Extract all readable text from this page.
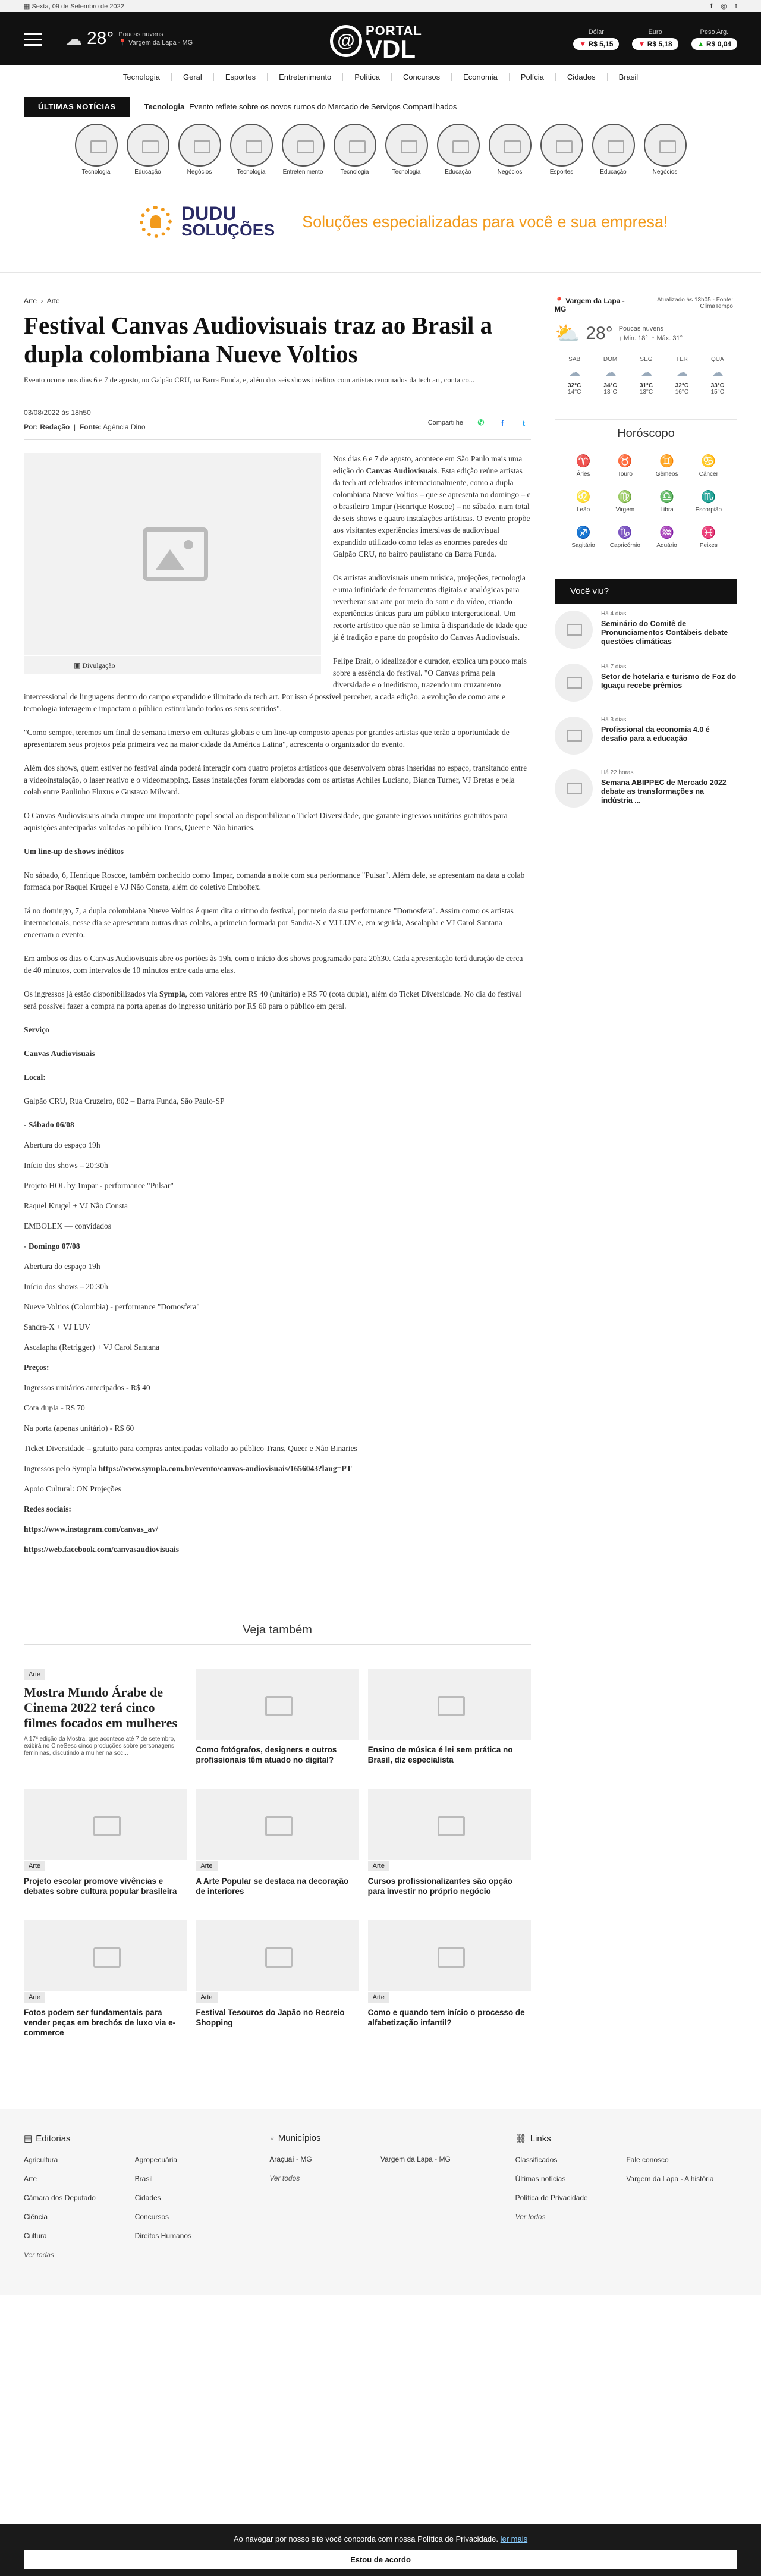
▦ Sexta, 09 de Setembro de 2022	f ◎ t
☁ 28° Poucas nuvens
📍 Vargem da Lapa - MG	@
PORTAL
VDL
Dólar
▼ R$ 5,15
Euro
▼ R$ 5,18
Peso Arg.
▲ R$ 0,04
Tecnologia	Geral	Esportes	Entretenimento	Política	Concursos	Economia	Polícia	Cidades	Brasil
ÚLTIMAS NOTÍCIAS	Tecnologia Evento reflete sobre os novos rumos do Mercado de Serviços Compartilhados
Tecnologia	Educação	Negócios	Tecnologia	Entretenimento	Tecnologia	Tecnologia	Educação	Negócios	Esportes	Educação	Negócios
DUDU
SOLUÇÕES Soluções especializadas para você e sua empresa!
Arte  ›  Arte
Festival Canvas Audiovisuais traz ao Brasil a dupla colombiana Nueve Voltios
Evento ocorre nos dias 6 e 7 de agosto, no Galpão CRU, na Barra Funda, e, além dos seis shows inéditos com artistas renomados da tech art, conta co...
03/08/2022 às 18h50
Por: Redação  |  Fonte: Agência Dino	Compartilhe	✆	f	t
▣ Divulgação

Nos dias 6 e 7 de agosto, acontece em São Paulo mais uma edição do Canvas Audiovisuais. Esta edição reúne artistas da tech art celebrados internacionalmente, como a dupla colombiana Nueve Voltios – que se apresenta no domingo – e o brasileiro 1mpar (Henrique Roscoe) – no sábado, num total de seis shows e quatro instalações artísticas. O evento propõe aos visitantes experiências imersivas de audiovisual expandido utilizado como telas as enormes paredes do Galpão CRU, no bairro paulistano da Barra Funda.

Os artistas audiovisuais unem música, projeções, tecnologia e uma infinidade de ferramentas digitais e analógicas para reverberar sua arte por meio do som e do vídeo, criando experiências únicas para um público intergeracional. Um recorte artístico que não se limita à disparidade de idade que já é tradição e parte do propósito do Canvas Audiovisuais.

Felipe Brait, o idealizador e curador, explica um pouco mais sobre a essência do festival. "O Canvas prima pela diversidade e o ineditismo, trazendo um cruzamento intercessional de linguagens dentro do campo expandido e ilimitado da tech art. Por isso é possível perceber, a cada edição, a evolução de como arte e tecnologia interagem e impactam o público estimulando todos os seus sentidos".

"Como sempre, teremos um final de semana imerso em culturas globais e um line-up composto apenas por grandes artistas que terão a oportunidade de apresentarem seus projetos pela primeira vez na maior cidade da América Latina", acrescenta o organizador do evento.

Além dos shows, quem estiver no festival ainda poderá interagir com quatro projetos artísticos que desenvolvem obras inseridas no espaço, transitando entre a videoinstalação, o laser reativo e o videomapping. Essas instalações foram elaboradas com os artistas Achiles Luciano, Bianca Turner, VJ Bretas e pela colab entre Paulinho Fluxus e Gustavo Milward.

O Canvas Audiovisuais ainda cumpre um importante papel social ao disponibilizar o Ticket Diversidade, que garante ingressos unitários gratuitos para aquisições antecipadas voltadas ao público Trans, Queer e Não binaries.

Um line-up de shows inéditos

No sábado, 6, Henrique Roscoe, também conhecido como 1mpar, comanda a noite com sua performance "Pulsar". Além dele, se apresentam na data a colab formada por Raquel Krugel e VJ Não Consta, além do coletivo Emboltex.

Já no domingo, 7, a dupla colombiana Nueve Voltios é quem dita o ritmo do festival, por meio da sua performance "Domosfera". Assim como os artistas internacionais, nesse dia se apresentam outras duas colabs, a primeira formada por Sandra-X e VJ LUV e, em seguida, Ascalapha e VJ Carol Santana encerram o evento.

Em ambos os dias o Canvas Audiovisuais abre os portões às 19h, com o início dos shows programado para 20h30. Cada apresentação terá duração de cerca de 40 minutos, com intervalos de 10 minutos entre cada uma elas.

Os ingressos já estão disponibilizados via Sympla, com valores entre R$ 40 (unitário) e R$ 70 (cota dupla), além do Ticket Diversidade. No dia do festival será possível fazer a compra na porta apenas do ingresso unitário por R$ 60 para o público em geral.

Serviço

Canvas Audiovisuais

Local:

Galpão CRU, Rua Cruzeiro, 802 – Barra Funda, São Paulo-SP

- Sábado 06/08

Abertura do espaço 19h

Início dos shows – 20:30h

Projeto HOL by 1mpar - performance "Pulsar"

Raquel Krugel + VJ Não Consta

EMBOLEX — convidados

- Domingo 07/08

Abertura do espaço 19h

Início dos shows – 20:30h

Nueve Voltios (Colombia) - performance "Domosfera"

Sandra-X + VJ LUV

Ascalapha (Retrigger) + VJ Carol Santana

Preços:

Ingressos unitários antecipados - R$ 40

Cota dupla - R$ 70

Na porta (apenas unitário) - R$ 60

Ticket Diversidade – gratuito para compras antecipadas voltado ao público Trans, Queer e Não Binaries

Ingressos pelo Sympla https://www.sympla.com.br/evento/canvas-audiovisuais/1656043?lang=PT

Apoio Cultural: ON Projeções

Redes sociais:

https://www.instagram.com/canvas_av/

https://web.facebook.com/canvasaudiovisuais

📍 Vargem da Lapa - MG
Atualizado às 13h05 - Fonte: ClimaTempo
⛅ 28° Poucas nuvens
↓ Min. 18° ↑ Máx. 31°
SAB
☁
32°C
14°C
DOM
☁
34°C
13°C
SEG
☁
31°C
13°C
TER
☁
32°C
16°C
QUA
☁
33°C
15°C
Horóscopo
♈
Áries
♉
Touro
♊
Gêmeos
♋
Câncer
♌
Leão
♍
Virgem
♎
Libra
♏
Escorpião
♐
Sagitário
♑
Capricórnio
♒
Aquário
♓
Peixes
Você viu?
Há 4 dias
Seminário do Comitê de Pronunciamentos Contábeis debate questões climáticas
Há 7 dias
Setor de hotelaria e turismo de Foz do Iguaçu recebe prêmios
Há 3 dias
Profissional da economia 4.0 é desafio para a educação
Há 22 horas
Semana ABIPPEC de Mercado 2022 debate as transformações na indústria ...
Veja também
Arte
Mostra Mundo Árabe de Cinema 2022 terá cinco filmes focados em mulheres
A 17ª edição da Mostra, que acontece até 7 de setembro, exibirá no CineSesc cinco produções sobre personagens femininas, discutindo a mulher na soc...	Como fotógrafos, designers e outros profissionais têm atuado no digital?
Ensino de música é lei sem prática no Brasil, diz especialista
Arte
Projeto escolar promove vivências e debates sobre cultura popular brasileira
Arte
A Arte Popular se destaca na decoração de interiores
Arte
Cursos profissionalizantes são opção para investir no próprio negócio
Arte
Fotos podem ser fundamentais para vender peças em brechós de luxo via e-commerce
Arte
Festival Tesouros do Japão no Recreio Shopping
Arte
Como e quando tem início o processo de alfabetização infantil?
▤ Editorias
Agricultura	Agropecuária
Arte	Brasil
Câmara dos Deputado	Cidades
Ciência	Concursos
Cultura	Direitos Humanos
Ver todas
⌖ Municípios
Araçuaí - MG	Vargem da Lapa - MG
Ver todos
⛓ Links
Classificados	Fale conosco
Últimas notícias	Vargem da Lapa - A história
Política de Privacidade
Ver todos
Ao navegar por nosso site você concorda com nossa Política de Privacidade. ler mais
Estou de acordo
